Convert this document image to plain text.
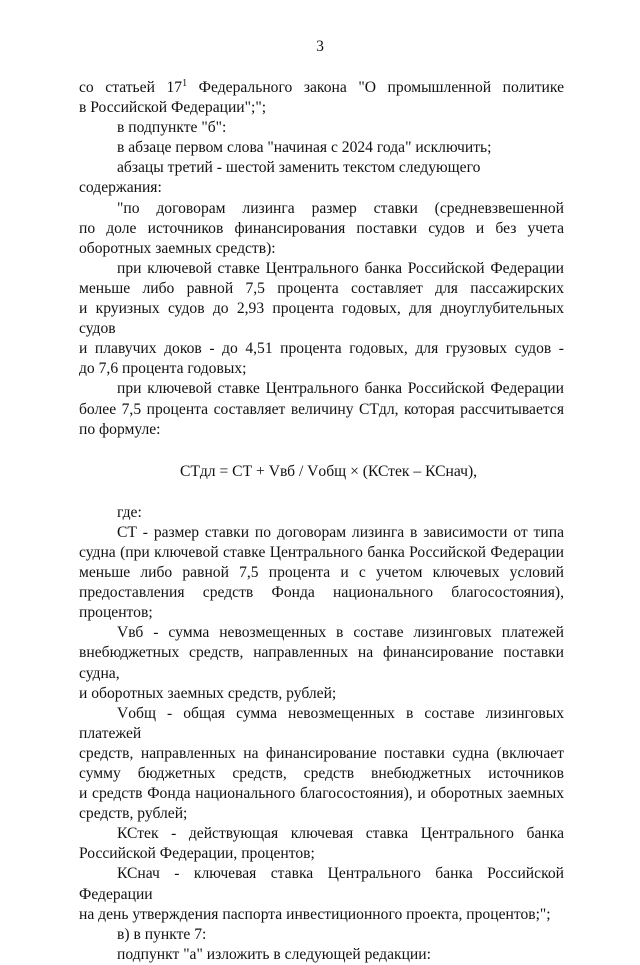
3
со статьей $17^1$ Федерального закона "О промышленной политике
в Российской Федерации";";
в подпункте "б":
в абзаце первом слова "начиная с 2024 года" исключить;
абзацы третий - шестой заменить текстом следующего содержания:
"по договорам лизинга размер ставки (средневзвешенной
по доле источников финансирования поставки судов и без учета
оборотных заемных средств):
при ключевой ставке Центрального банка Российской Федерации
меньше либо равной 7,5 процента составляет для пассажирских
и круизных судов до 2,93 процента годовых, для дноуглубительных судов
и плавучих доков - до 4,51 процента годовых, для грузовых судов -
до 7,6 процента годовых;
при ключевой ставке Центрального банка Российской Федерации
более 7,5 процента составляет величину СТдл, которая рассчитывается
по формуле:
СТдл = СТ + Vвб / Vобщ × (КСтек – КСнач),
где:
СТ - размер ставки по договорам лизинга в зависимости от типа
судна (при ключевой ставке Центрального банка Российской Федерации
меньше либо равной 7,5 процента и с учетом ключевых условий
предоставления средств Фонда национального благосостояния),
процентов;
Vвб - сумма невозмещенных в составе лизинговых платежей
внебюджетных средств, направленных на финансирование поставки судна,
и оборотных заемных средств, рублей;
Vобщ - общая сумма невозмещенных в составе лизинговых платежей
средств, направленных на финансирование поставки судна (включает
сумму бюджетных средств, средств внебюджетных источников
и средств Фонда национального благосостояния), и оборотных заемных
средств, рублей;
КСтек - действующая ключевая ставка Центрального банка
Российской Федерации, процентов;
КСнач - ключевая ставка Центрального банка Российской Федерации
на день утверждения паспорта инвестиционного проекта, процентов;";
в) в пункте 7:
подпункт "а" изложить в следующей редакции:
